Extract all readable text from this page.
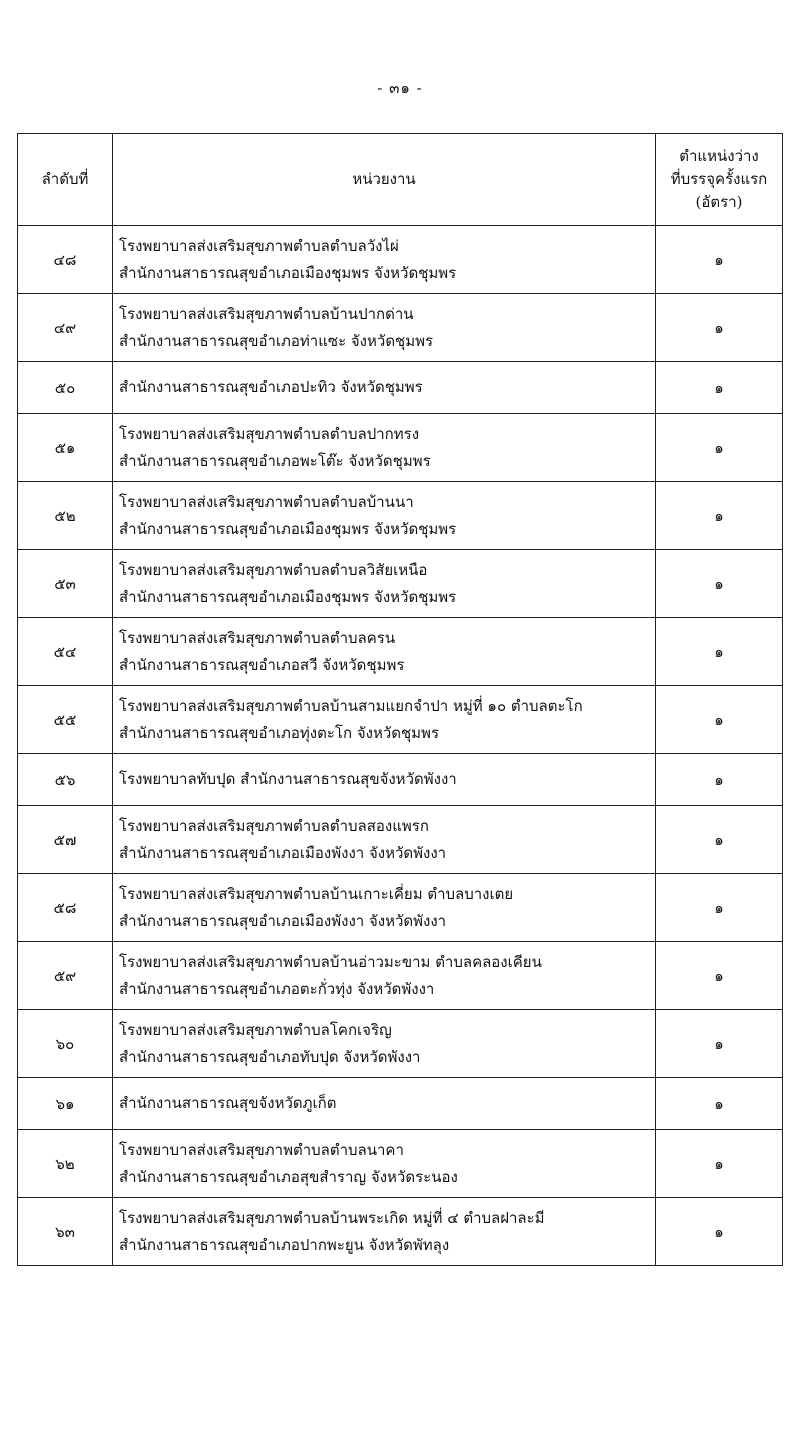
- ๓๑ -
ลำดับที่	หน่วยงาน	ตำแหน่งว่าง
ที่บรรจุครั้งแรก
(อัตรา)

๔๘	โรงพยาบาลส่งเสริมสุขภาพตำบลตำบลวังไผ่
สำนักงานสาธารณสุขอำเภอเมืองชุมพร จังหวัดชุมพร	๑
๔๙	โรงพยาบาลส่งเสริมสุขภาพตำบลบ้านปากด่าน
สำนักงานสาธารณสุขอำเภอท่าแซะ จังหวัดชุมพร	๑
๕๐	สำนักงานสาธารณสุขอำเภอปะทิว จังหวัดชุมพร	๑
๕๑	โรงพยาบาลส่งเสริมสุขภาพตำบลตำบลปากทรง
สำนักงานสาธารณสุขอำเภอพะโต๊ะ จังหวัดชุมพร	๑
๕๒	โรงพยาบาลส่งเสริมสุขภาพตำบลตำบลบ้านนา
สำนักงานสาธารณสุขอำเภอเมืองชุมพร จังหวัดชุมพร	๑
๕๓	โรงพยาบาลส่งเสริมสุขภาพตำบลตำบลวิสัยเหนือ
สำนักงานสาธารณสุขอำเภอเมืองชุมพร จังหวัดชุมพร	๑
๕๔	โรงพยาบาลส่งเสริมสุขภาพตำบลตำบลครน
สำนักงานสาธารณสุขอำเภอสวี จังหวัดชุมพร	๑
๕๕	โรงพยาบาลส่งเสริมสุขภาพตำบลบ้านสามแยกจำปา หมู่ที่ ๑๐ ตำบลตะโก
สำนักงานสาธารณสุขอำเภอทุ่งตะโก จังหวัดชุมพร	๑
๕๖	โรงพยาบาลทับปุด สำนักงานสาธารณสุขจังหวัดพังงา	๑
๕๗	โรงพยาบาลส่งเสริมสุขภาพตำบลตำบลสองแพรก
สำนักงานสาธารณสุขอำเภอเมืองพังงา จังหวัดพังงา	๑
๕๘	โรงพยาบาลส่งเสริมสุขภาพตำบลบ้านเกาะเคี่ยม ตำบลบางเตย
สำนักงานสาธารณสุขอำเภอเมืองพังงา จังหวัดพังงา	๑
๕๙	โรงพยาบาลส่งเสริมสุขภาพตำบลบ้านอ่าวมะขาม ตำบลคลองเคียน
สำนักงานสาธารณสุขอำเภอตะกั่วทุ่ง จังหวัดพังงา	๑
๖๐	โรงพยาบาลส่งเสริมสุขภาพตำบลโคกเจริญ
สำนักงานสาธารณสุขอำเภอทับปุด จังหวัดพังงา	๑
๖๑	สำนักงานสาธารณสุขจังหวัดภูเก็ต	๑
๖๒	โรงพยาบาลส่งเสริมสุขภาพตำบลตำบลนาคา
สำนักงานสาธารณสุขอำเภอสุขสำราญ จังหวัดระนอง	๑
๖๓	โรงพยาบาลส่งเสริมสุขภาพตำบลบ้านพระเกิด หมู่ที่ ๔ ตำบลฝาละมี
สำนักงานสาธารณสุขอำเภอปากพะยูน จังหวัดพัทลุง	๑
